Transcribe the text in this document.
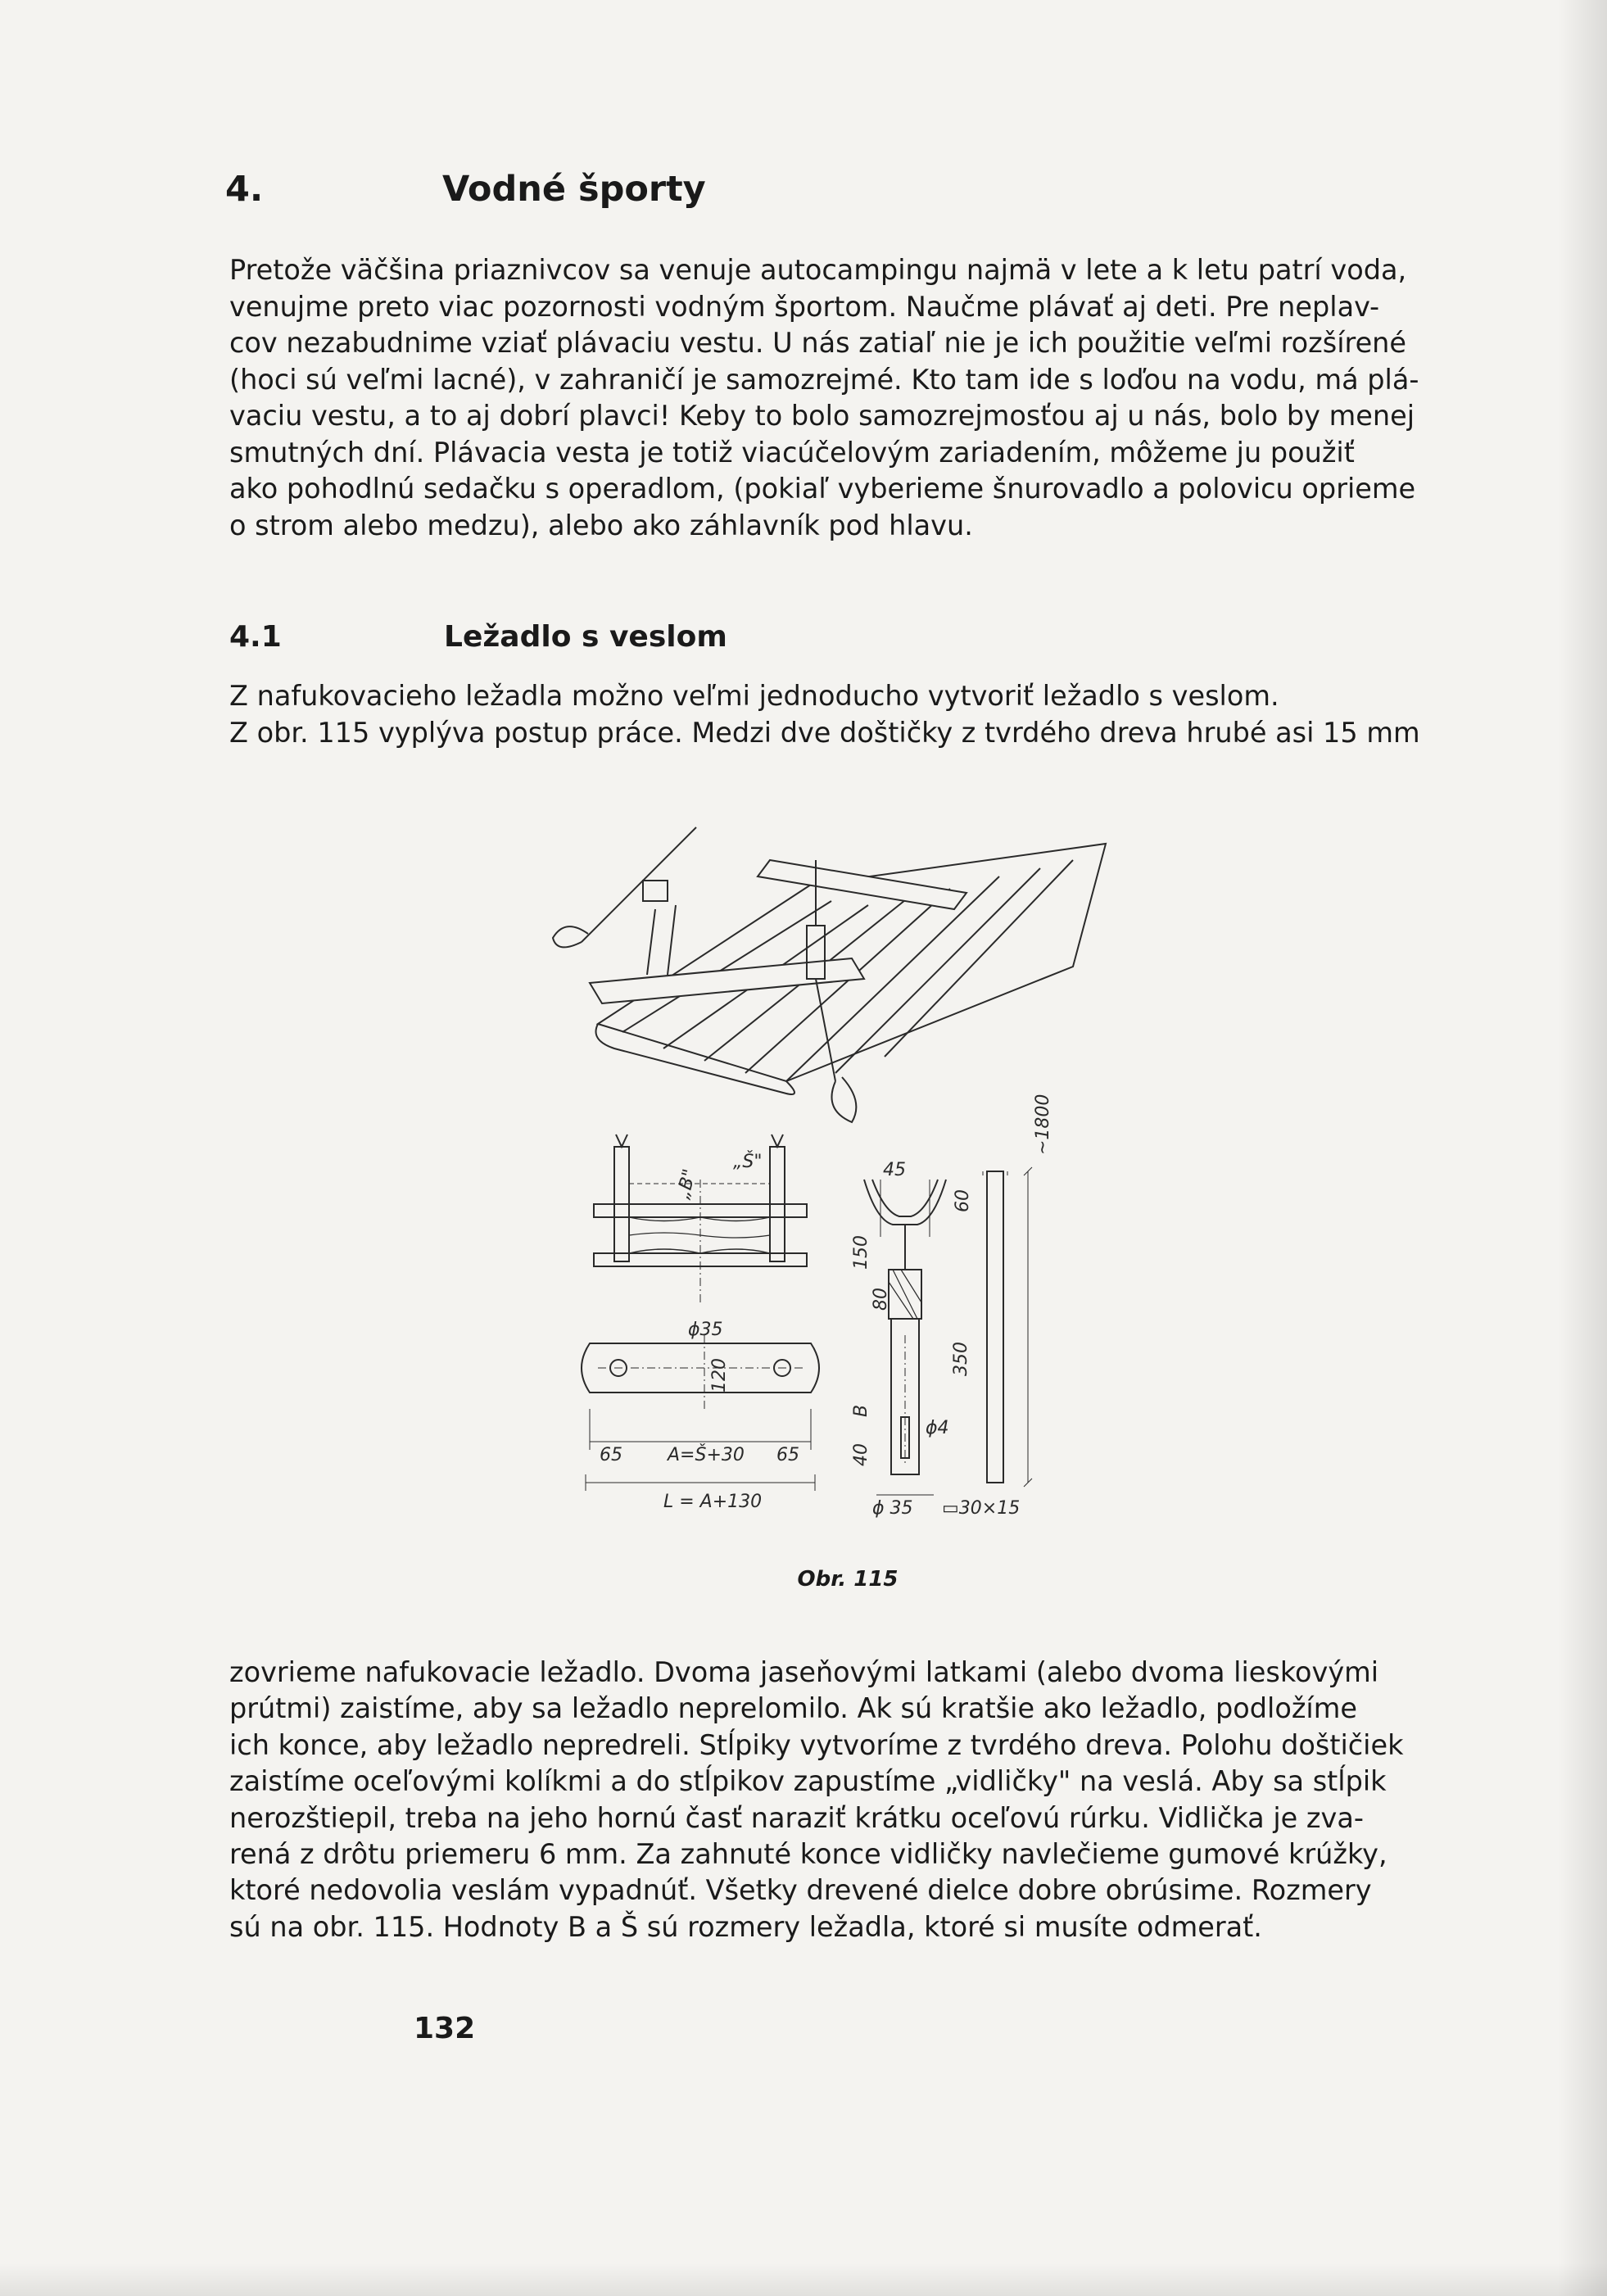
4.	Vodné športy
Pretože väčšina priaznivcov sa venuje autocampingu najmä v lete a k letu patrí voda,
venujme preto viac pozornosti vodným športom. Naučme plávať aj deti. Pre neplav-
cov nezabudnime vziať plávaciu vestu. U nás zatiaľ nie je ich použitie veľmi rozšírené
(hoci sú veľmi lacné), v zahraničí je samozrejmé. Kto tam ide s loďou na vodu, má plá-
vaciu vestu, a to aj dobrí plavci! Keby to bolo samozrejmosťou aj u nás, bolo by menej
smutných dní. Plávacia vesta je totiž viacúčelovým zariadením, môžeme ju použiť
ako pohodlnú sedačku s operadlom, (pokiaľ vyberieme šnurovadlo a polovicu oprieme
o strom alebo medzu), alebo ako záhlavník pod hlavu.
4.1	Ležadlo s veslom
Z nafukovacieho ležadla možno veľmi jednoducho vytvoriť ležadlo s veslom.
Z obr. 115 vyplýva postup práce. Medzi dve doštičky z tvrdého dreva hrubé asi 15 mm
„Š"
„B"	45
60
150
80
ϕ35
120	350
~1800
65	A=Š+30 65	40
B
ϕ4
L = A+130	ϕ 35 ▭30×15
Obr. 115
zovrieme nafukovacie ležadlo. Dvoma jaseňovými latkami (alebo dvoma lieskovými
prútmi) zaistíme, aby sa ležadlo neprelomilo. Ak sú kratšie ako ležadlo, podložíme
ich konce, aby ležadlo nepredreli. Stĺpiky vytvoríme z tvrdého dreva. Polohu doštičiek
zaistíme oceľovými kolíkmi a do stĺpikov zapustíme „vidličky" na veslá. Aby sa stĺpik
nerozštiepil, treba na jeho hornú časť naraziť krátku oceľovú rúrku. Vidlička je zva-
rená z drôtu priemeru 6 mm. Za zahnuté konce vidličky navlečieme gumové krúžky,
ktoré nedovolia veslám vypadnúť. Všetky drevené dielce dobre obrúsime. Rozmery
sú na obr. 115. Hodnoty B a Š sú rozmery ležadla, ktoré si musíte odmerať.
132
